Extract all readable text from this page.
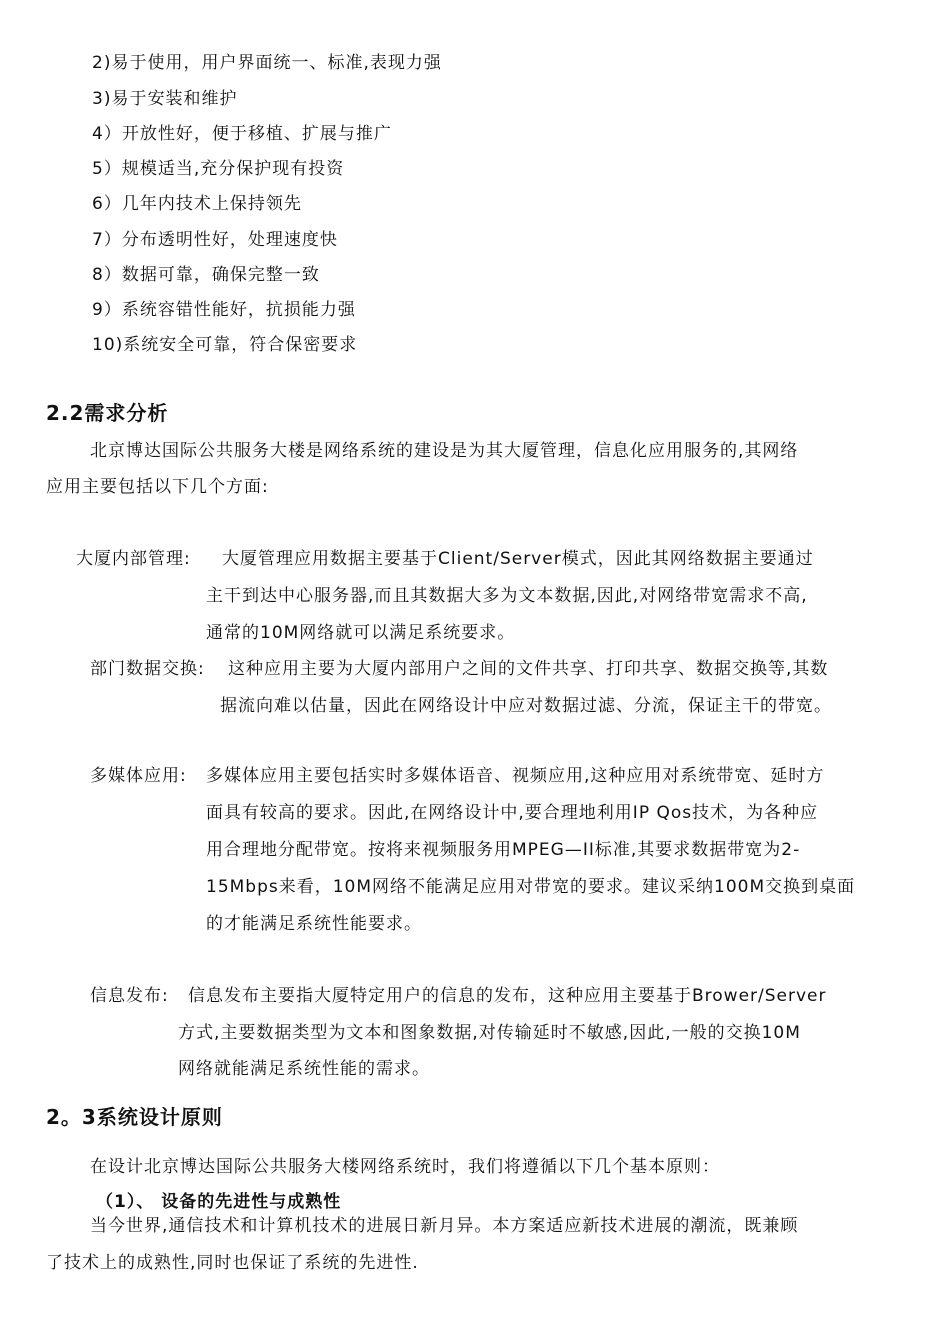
2)易于使用，用户界面统一、标准,表现力强
3)易于安装和维护
4）开放性好，便于移植、扩展与推广
5）规模适当,充分保护现有投资
6）几年内技术上保持领先
7）分布透明性好，处理速度快
8）数据可靠，确保完整一致
9）系统容错性能好，抗损能力强
10)系统安全可靠，符合保密要求
2.2需求分析
北京博达国际公共服务大楼是网络系统的建设是为其大厦管理，信息化应用服务的,其网络
应用主要包括以下几个方面:
大厦内部管理: 大厦管理应用数据主要基于Client/Server模式，因此其网络数据主要通过
主干到达中心服务器,而且其数据大多为文本数据,因此,对网络带宽需求不高,
通常的10M网络就可以满足系统要求。
部门数据交换: 这种应用主要为大厦内部用户之间的文件共享、打印共享、数据交换等,其数
据流向难以估量，因此在网络设计中应对数据过滤、分流，保证主干的带宽。
多媒体应用: 多媒体应用主要包括实时多媒体语音、视频应用,这种应用对系统带宽、延时方
面具有较高的要求。因此,在网络设计中,要合理地利用IP Qos技术，为各种应
用合理地分配带宽。按将来视频服务用MPEG—II标准,其要求数据带宽为2-
15Mbps来看，10M网络不能满足应用对带宽的要求。建议采纳100M交换到桌面
的才能满足系统性能要求。
信息发布: 信息发布主要指大厦特定用户的信息的发布，这种应用主要基于Brower/Server
方式,主要数据类型为文本和图象数据,对传输延时不敏感,因此,一般的交换10M
网络就能满足系统性能的需求。
2。3系统设计原则
在设计北京博达国际公共服务大楼网络系统时，我们将遵循以下几个基本原则：
（1）、 设备的先进性与成熟性
当今世界,通信技术和计算机技术的进展日新月异。本方案适应新技术进展的潮流，既兼顾
了技术上的成熟性,同时也保证了系统的先进性.
